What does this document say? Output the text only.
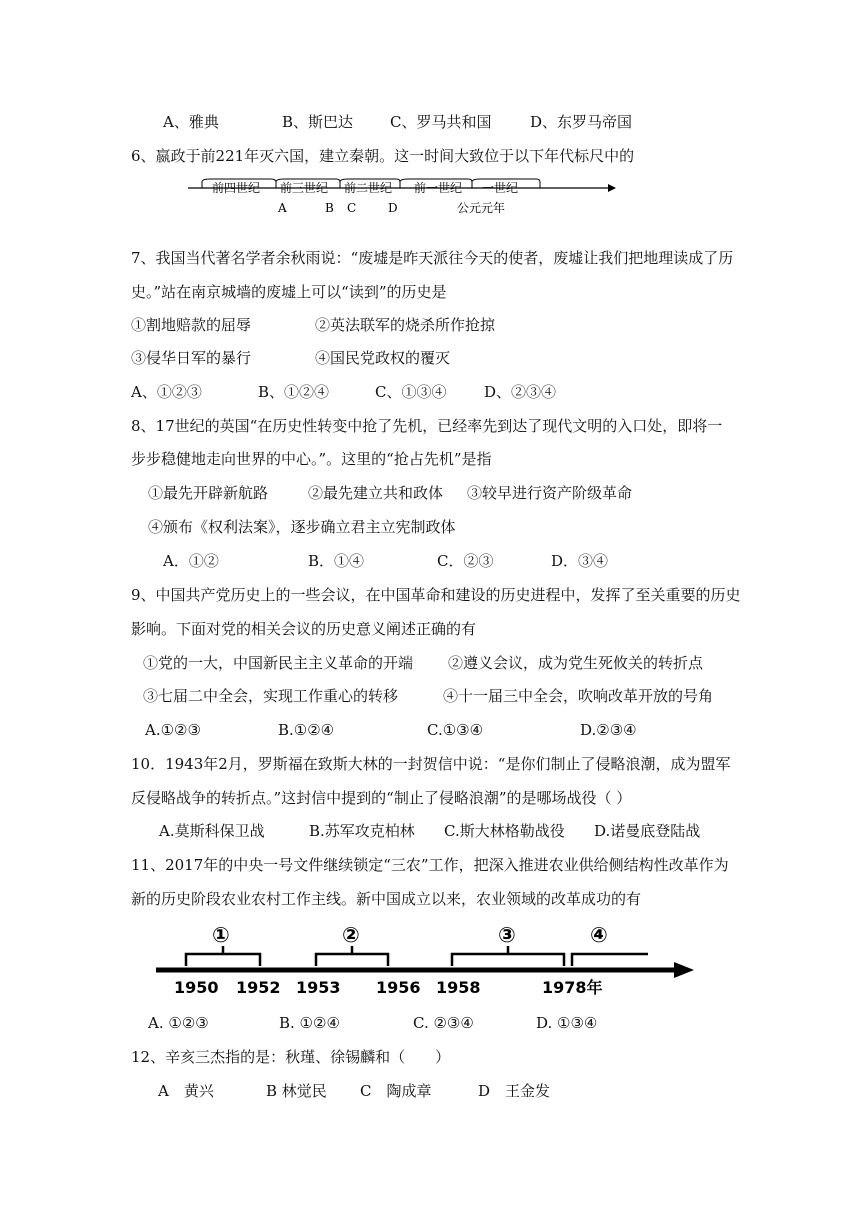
A、雅典	B、斯巴达 C、罗马共和国	D、东罗马帝国
6、嬴政于前221年灭六国，建立秦朝。这一时间大致位于以下年代标尺中的
前四世纪 前三世纪 前二世纪 前一世纪 一世纪
A	B C	D	公元元年
7、我国当代著名学者余秋雨说：“废墟是昨天派往今天的使者，废墟让我们把地理读成了历
史。”站在南京城墙的废墟上可以“读到”的历史是
①割地赔款的屈辱	②英法联军的烧杀所作抢掠
③侵华日军的暴行	④国民党政权的覆灭
A、①②③	B、①②④	C、①③④	D、②③④
8、17世纪的英国“在历史性转变中抢了先机，已经率先到达了现代文明的入口处，即将一
步步稳健地走向世界的中心。”。这里的“抢占先机”是指
①最先开辟新航路	②最先建立共和政体 ③较早进行资产阶级革命
④颁布《权利法案》，逐步确立君主立宪制政体
A．①②	B．①④	C．②③	D．③④
9、中国共产党历史上的一些会议，在中国革命和建设的历史进程中，发挥了至关重要的历史
影响。下面对党的相关会议的历史意义阐述正确的有
①党的一大，中国新民主主义革命的开端 ②遵义会议，成为党生死攸关的转折点
③七届二中全会，实现工作重心的转移	④十一届三中全会，吹响改革开放的号角
A.①②③	B.①②④	C.①③④	D.②③④
10．1943年2月，罗斯福在致斯大林的一封贺信中说：“是你们制止了侵略浪潮，成为盟军
反侵略战争的转折点。”这封信中提到的“制止了侵略浪潮”的是哪场战役（ ）
A.莫斯科保卫战	B.苏军攻克柏林 C.斯大林格勒战役 D.诺曼底登陆战
11、2017年的中央一号文件继续锁定“三农”工作，把深入推进农业供给侧结构性改革作为
新的历史阶段农业农村工作主线。新中国成立以来，农业领域的改革成功的有
①	②	③	④
1950 1952 1953 1956 1958	1978年
A. ①②③	B. ①②④	C. ②③④	D. ①③④
12、辛亥三杰指的是：秋瑾、徐锡麟和（　　）
A　黄兴	B 林觉民 C　陶成章	D　王金发
